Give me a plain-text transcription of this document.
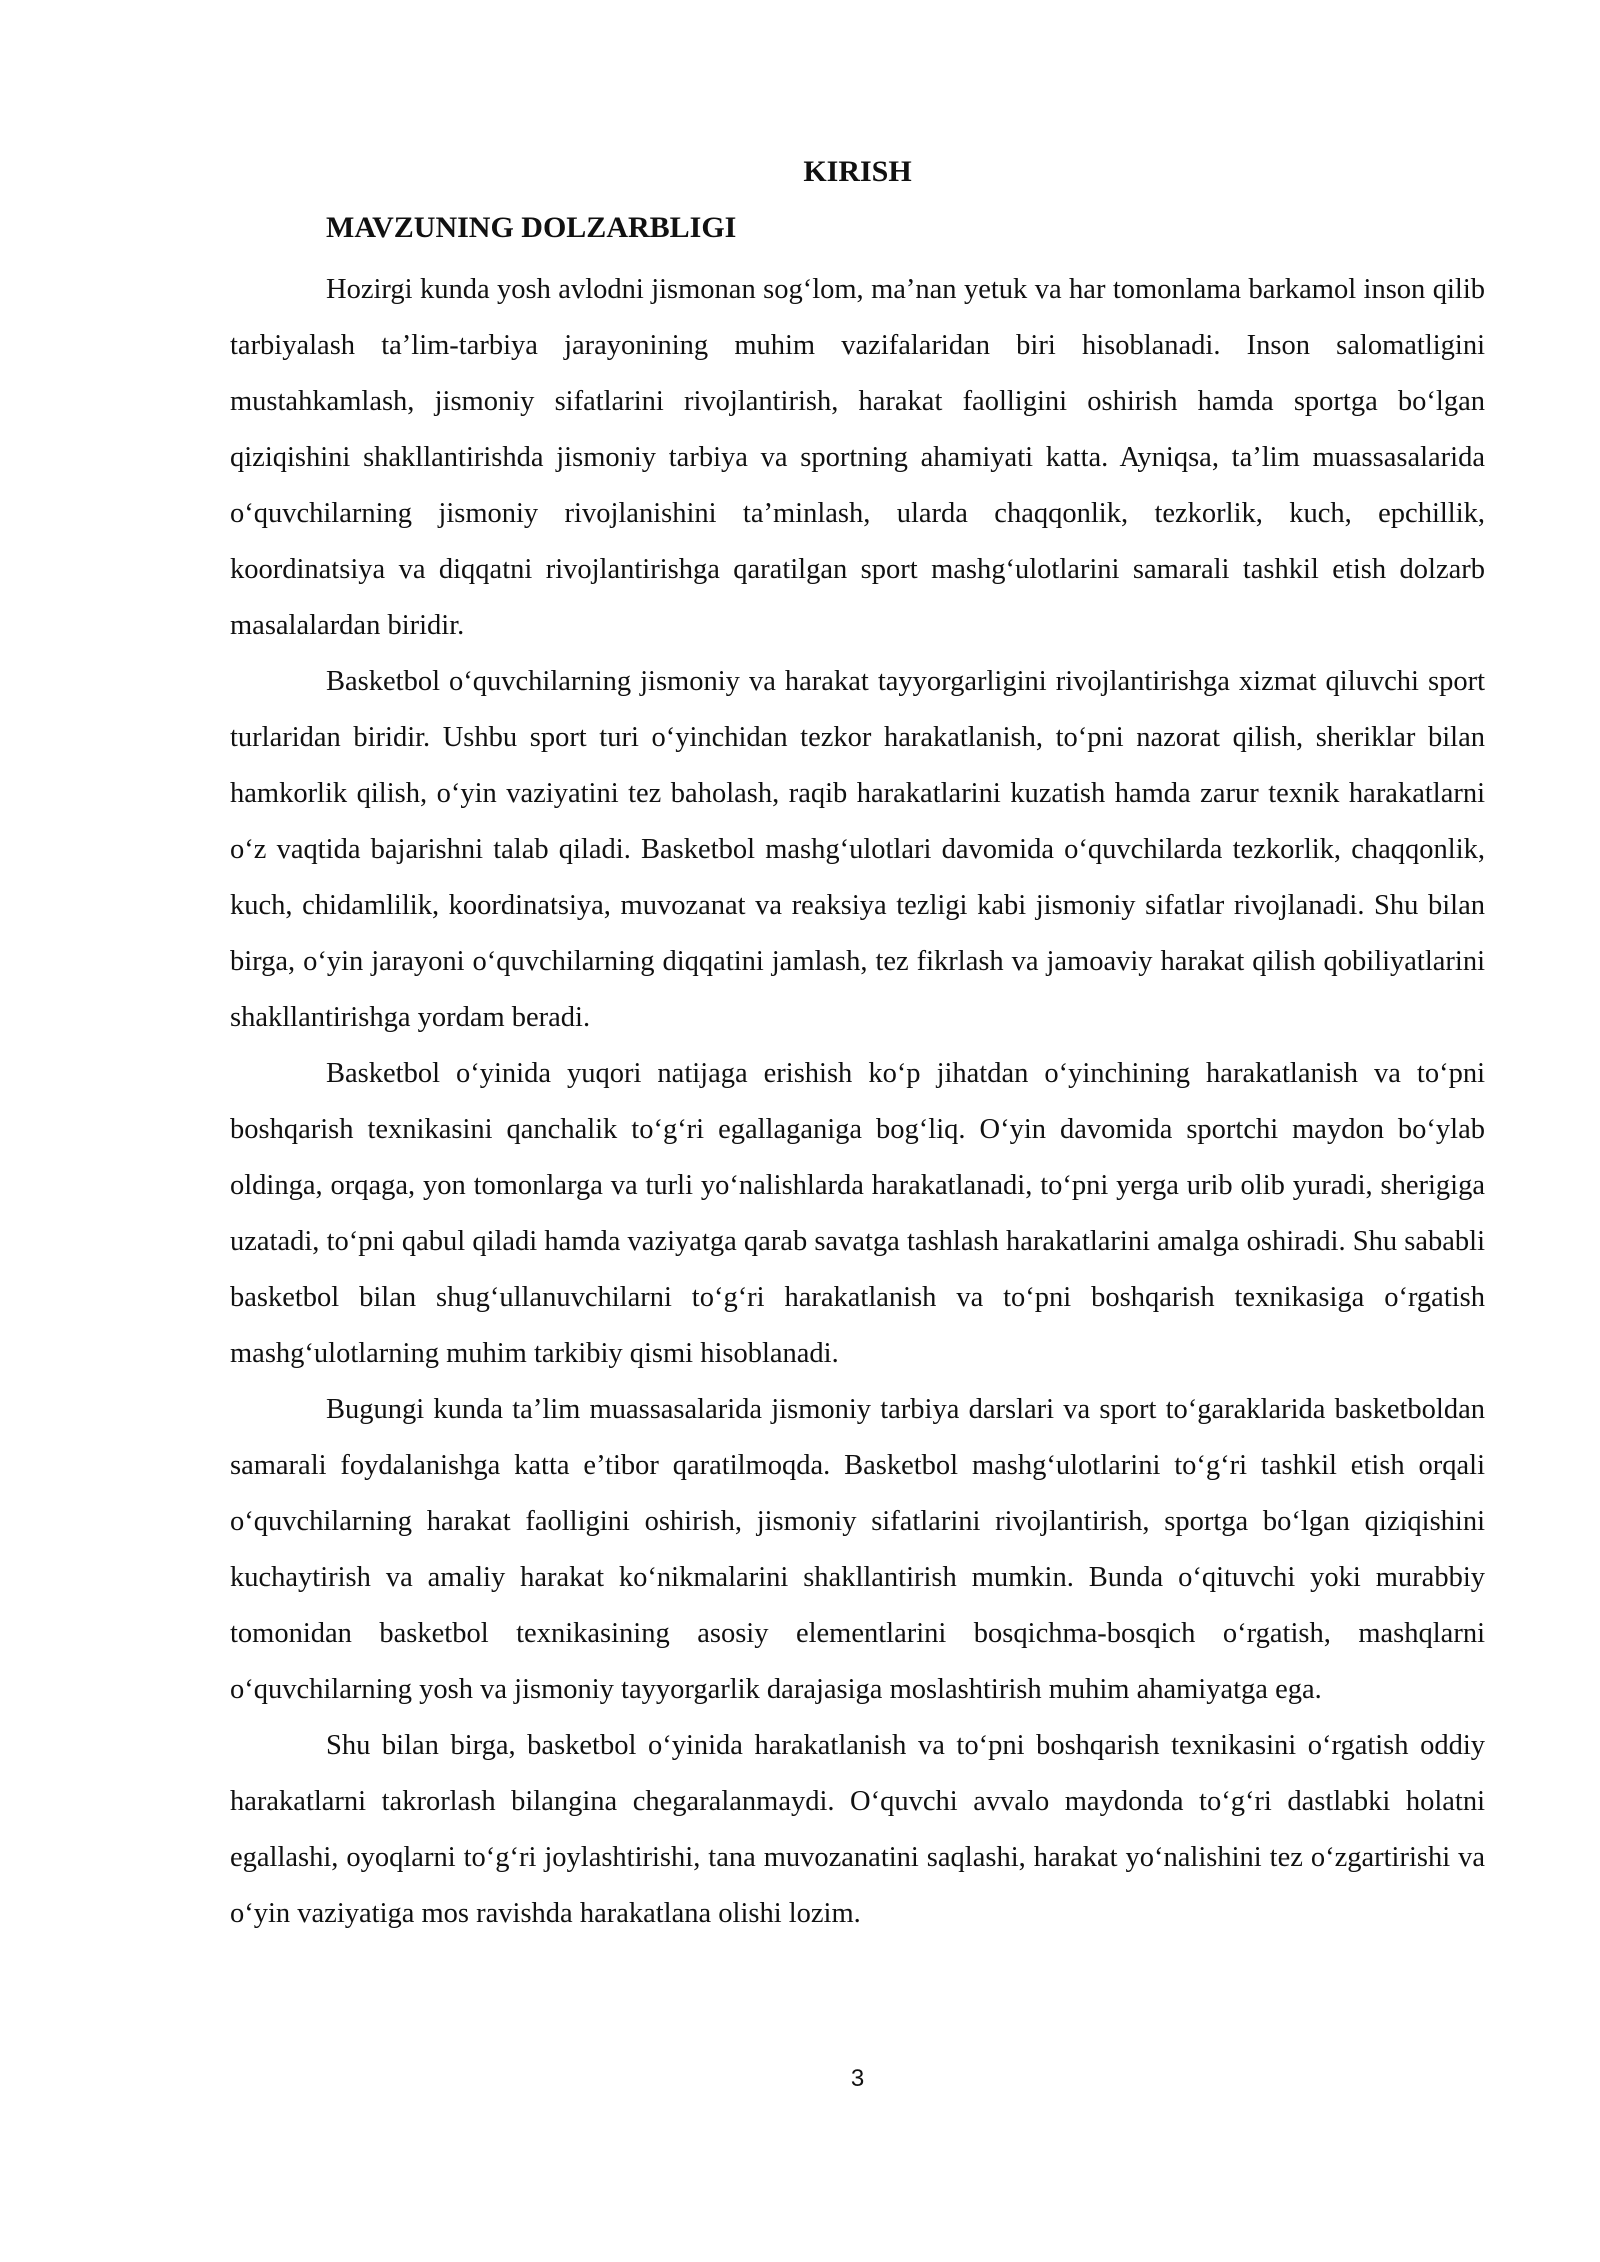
KIRISH
MAVZUNING DOLZARBLIGI

Hozirgi kunda yosh avlodni jismonan sog‘lom, ma’nan yetuk va har tomonlama barkamol inson qilib tarbiyalash ta’lim-tarbiya jarayonining muhim vazifalaridan biri hisoblanadi. Inson salomatligini mustahkamlash, jismoniy sifatlarini rivojlantirish, harakat faolligini oshirish hamda sportga bo‘lgan qiziqishini shakllantirishda jismoniy tarbiya va sportning ahamiyati katta. Ayniqsa, ta’lim muassasalarida o‘quvchilarning jismoniy rivojlanishini ta’minlash, ularda chaqqonlik, tezkorlik, kuch, epchillik, koordinatsiya va diqqatni rivojlantirishga qaratilgan sport mashg‘ulotlarini samarali tashkil etish dolzarb masalalardan biridir.

Basketbol o‘quvchilarning jismoniy va harakat tayyorgarligini rivojlantirishga xizmat qiluvchi sport turlaridan biridir. Ushbu sport turi o‘yinchidan tezkor harakatlanish, to‘pni nazorat qilish, sheriklar bilan hamkorlik qilish, o‘yin vaziyatini tez baholash, raqib harakatlarini kuzatish hamda zarur texnik harakatlarni o‘z vaqtida bajarishni talab qiladi. Basketbol mashg‘ulotlari davomida o‘quvchilarda tezkorlik, chaqqonlik, kuch, chidamlilik, koordinatsiya, muvozanat va reaksiya tezligi kabi jismoniy sifatlar rivojlanadi. Shu bilan birga, o‘yin jarayoni o‘quvchilarning diqqatini jamlash, tez fikrlash va jamoaviy harakat qilish qobiliyatlarini shakllantirishga yordam beradi.

Basketbol o‘yinida yuqori natijaga erishish ko‘p jihatdan o‘yinchining harakatlanish va to‘pni boshqarish texnikasini qanchalik to‘g‘ri egallaganiga bog‘liq. O‘yin davomida sportchi maydon bo‘ylab oldinga, orqaga, yon tomonlarga va turli yo‘nalishlarda harakatlanadi, to‘pni yerga urib olib yuradi, sherigiga uzatadi, to‘pni qabul qiladi hamda vaziyatga qarab savatga tashlash harakatlarini amalga oshiradi. Shu sababli basketbol bilan shug‘ullanuvchilarni to‘g‘ri harakatlanish va to‘pni boshqarish texnikasiga o‘rgatish mashg‘ulotlarning muhim tarkibiy qismi hisoblanadi.

Bugungi kunda ta’lim muassasalarida jismoniy tarbiya darslari va sport to‘garaklarida basketboldan samarali foydalanishga katta e’tibor qaratilmoqda. Basketbol mashg‘ulotlarini to‘g‘ri tashkil etish orqali o‘quvchilarning harakat faolligini oshirish, jismoniy sifatlarini rivojlantirish, sportga bo‘lgan qiziqishini kuchaytirish va amaliy harakat ko‘nikmalarini shakllantirish mumkin. Bunda o‘qituvchi yoki murabbiy tomonidan basketbol texnikasining asosiy elementlarini bosqichma-bosqich o‘rgatish, mashqlarni o‘quvchilarning yosh va jismoniy tayyorgarlik darajasiga moslashtirish muhim ahamiyatga ega.

Shu bilan birga, basketbol o‘yinida harakatlanish va to‘pni boshqarish texnikasini o‘rgatish oddiy harakatlarni takrorlash bilangina chegaralanmaydi. O‘quvchi avvalo maydonda to‘g‘ri dastlabki holatni egallashi, oyoqlarni to‘g‘ri joylashtirishi, tana muvozanatini saqlashi, harakat yo‘nalishini tez o‘zgartirishi va o‘yin vaziyatiga mos ravishda harakatlana olishi lozim.

3
